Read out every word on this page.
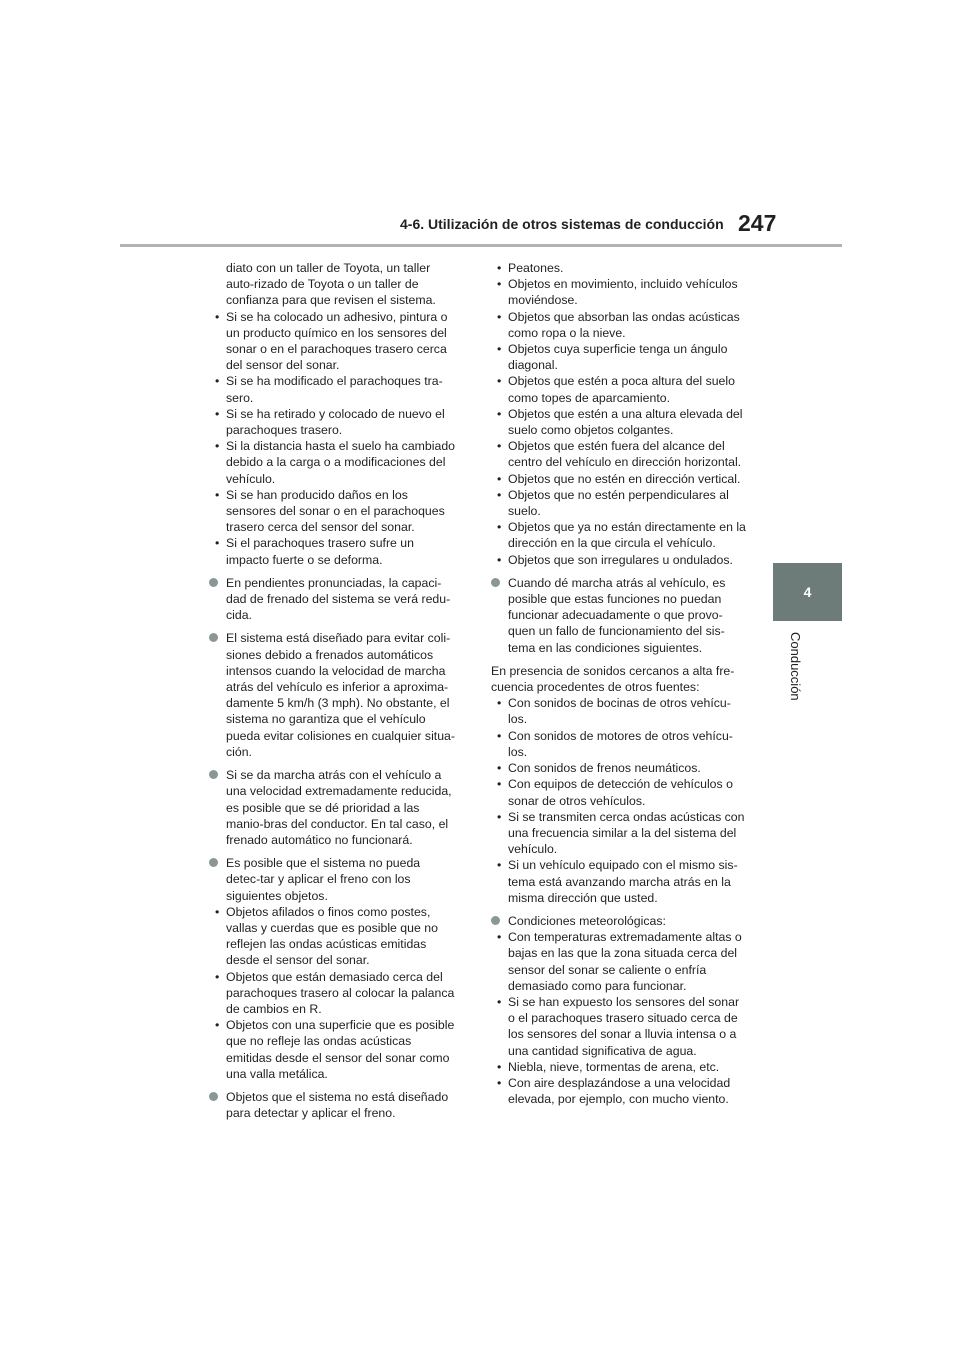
4-6. Utilización de otros sistemas de conducción 247
4
Conducción

diato con un taller de Toyota, un taller auto-rizado de Toyota o un taller de confianza para que revisen el sistema.

• Si se ha colocado un adhesivo, pintura o un producto químico en los sensores del sonar o en el parachoques trasero cerca del sensor del sonar.

• Si se ha modificado el parachoques tra-sero.

• Si se ha retirado y colocado de nuevo el parachoques trasero.

• Si la distancia hasta el suelo ha cambiado debido a la carga o a modificaciones del vehículo.

• Si se han producido daños en los sensores del sonar o en el parachoques trasero cerca del sensor del sonar.

• Si el parachoques trasero sufre un impacto fuerte o se deforma.

En pendientes pronunciadas, la capaci-dad de frenado del sistema se verá redu-cida.
El sistema está diseñado para evitar coli-siones debido a frenados automáticos intensos cuando la velocidad de marcha atrás del vehículo es inferior a aproxima-damente 5 km/h (3 mph). No obstante, el sistema no garantiza que el vehículo pueda evitar colisiones en cualquier situa-ción.
Si se da marcha atrás con el vehículo a una velocidad extremadamente reducida, es posible que se dé prioridad a las manio-bras del conductor. En tal caso, el frenado automático no funcionará.
Es posible que el sistema no pueda detec-tar y aplicar el freno con los siguientes objetos.

• Objetos afilados o finos como postes, vallas y cuerdas que es posible que no reflejen las ondas acústicas emitidas desde el sensor del sonar.

• Objetos que están demasiado cerca del parachoques trasero al colocar la palanca de cambios en R.

• Objetos con una superficie que es posible que no refleje las ondas acústicas emitidas desde el sensor del sonar como una valla metálica.

Objetos que el sistema no está diseñado para detectar y aplicar el freno.

• Peatones.

• Objetos en movimiento, incluido vehículos moviéndose.

• Objetos que absorban las ondas acústicas como ropa o la nieve.

• Objetos cuya superficie tenga un ángulo diagonal.

• Objetos que estén a poca altura del suelo como topes de aparcamiento.

• Objetos que estén a una altura elevada del suelo como objetos colgantes.

• Objetos que estén fuera del alcance del centro del vehículo en dirección horizontal.

• Objetos que no estén en dirección vertical.

• Objetos que no estén perpendiculares al suelo.

• Objetos que ya no están directamente en la dirección en la que circula el vehículo.

• Objetos que son irregulares u ondulados.

Cuando dé marcha atrás al vehículo, es posible que estas funciones no puedan funcionar adecuadamente o que provo-quen un fallo de funcionamiento del sis-tema en las condiciones siguientes.

En presencia de sonidos cercanos a alta fre-cuencia procedentes de otros fuentes:

• Con sonidos de bocinas de otros vehícu-los.

• Con sonidos de motores de otros vehícu-los.

• Con sonidos de frenos neumáticos.

• Con equipos de detección de vehículos o sonar de otros vehículos.

• Si se transmiten cerca ondas acústicas con una frecuencia similar a la del sistema del vehículo.

• Si un vehículo equipado con el mismo sis-tema está avanzando marcha atrás en la misma dirección que usted.

Condiciones meteorológicas:

• Con temperaturas extremadamente altas o bajas en las que la zona situada cerca del sensor del sonar se caliente o enfría demasiado como para funcionar.

• Si se han expuesto los sensores del sonar o el parachoques trasero situado cerca de los sensores del sonar a lluvia intensa o a una cantidad significativa de agua.

• Niebla, nieve, tormentas de arena, etc.

• Con aire desplazándose a una velocidad elevada, por ejemplo, con mucho viento.
